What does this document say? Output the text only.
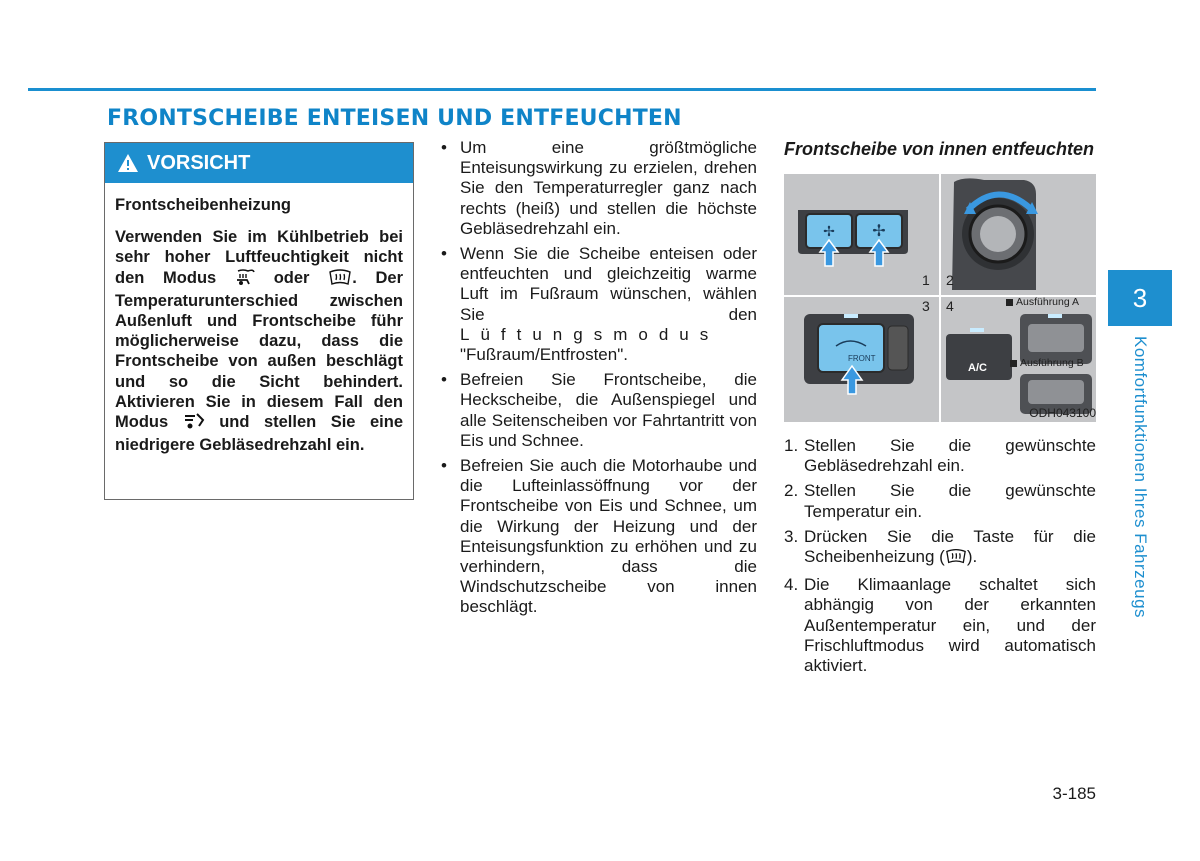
FRONTSCHEIBE ENTEISEN UND ENTFEUCHTEN
VORSICHT

Frontscheibenheizung

Verwenden Sie im Kühlbetrieb bei sehr hoher Luftfeuchtigkeit nicht den Modus	oder	. Der Temperaturunterschied zwischen Außenluft und Frontscheibe führ möglicherweise dazu, dass die Frontscheibe von außen beschlägt und so die Sicht behindert. Aktivieren Sie in diesem Fall den Modus	und stellen Sie eine niedrigere Gebläsedrehzahl ein.

• Um eine größtmögliche Enteisungswirkung zu erzielen, drehen Sie den Temperaturregler ganz nach rechts (heiß) und stellen die höchste Gebläsedrehzahl ein.
• Wenn Sie die Scheibe enteisen oder entfeuchten und gleichzeitig warme Luft im Fußraum wünschen, wählen Sie den Lüftungsmodus "Fußraum/Entfrosten".
• Befreien Sie Frontscheibe, die Heckscheibe, die Außenspiegel und alle Seitenscheiben vor Fahrtantritt von Eis und Schnee.
• Befreien Sie auch die Motorhaube und die Lufteinlassöffnung vor der Frontscheibe von Eis und Schnee, um die Wirkung der Heizung und der Enteisungsfunktion zu erhöhen und zu verhindern, dass die Windschutzscheibe von innen beschlägt.
Frontscheibe von innen entfeuchten
✢ ✢
1 2
3 4	Ausführung A
Ausführung B
FRONT
A/C
ODH043100
1. Stellen Sie die gewünschte Gebläsedrehzahl ein.
2. Stellen Sie die gewünschte Temperatur ein.
3. Drücken Sie die Taste für die Scheibenheizung ( ).
4. Die Klimaanlage schaltet sich abhängig von der erkannten Außentemperatur ein, und der Frischluftmodus wird automatisch aktiviert.
3
Komfortfunktionen Ihres Fahrzeugs

3-185
